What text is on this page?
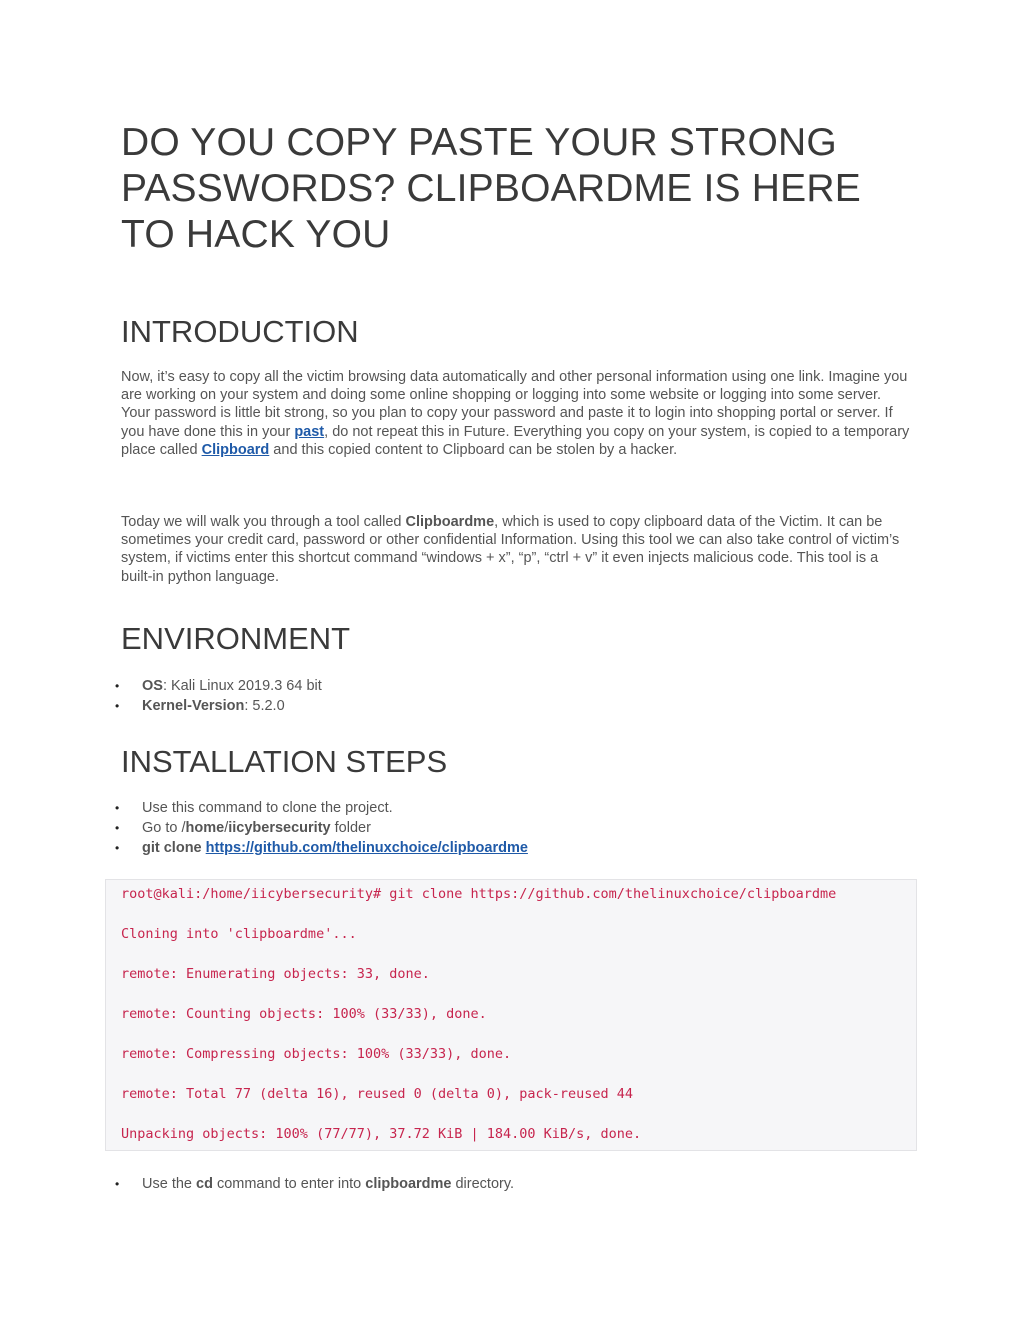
DO YOU COPY PASTE YOUR STRONG PASSWORDS? CLIPBOARDME IS HERE TO HACK YOU
INTRODUCTION

Now, it’s easy to copy all the victim browsing data automatically and other personal information using one link. Imagine you are working on your system and doing some online shopping or logging into some website or logging into some server. Your password is little bit strong, so you plan to copy your password and paste it to login into shopping portal or server. If you have done this in your past, do not repeat this in Future. Everything you copy on your system, is copied to a temporary place called Clipboard and this copied content to Clipboard can be stolen by a hacker.

Today we will walk you through a tool called Clipboardme, which is used to copy clipboard data of the Victim. It can be sometimes your credit card, password or other confidential Information. Using this tool we can also take control of victim’s system, if victims enter this shortcut command “windows + x”, “p”, “ctrl + v” it even injects malicious code. This tool is a built-in python language.

ENVIRONMENT
• OS: Kali Linux 2019.3 64 bit
• Kernel-Version: 5.2.0
INSTALLATION STEPS
• Use this command to clone the project.
• Go to /home/iicybersecurity folder
• git clone https://github.com/thelinuxchoice/clipboardme
root@kali:/home/iicybersecurity# git clone https://github.com/thelinuxchoice/clipboardme
Cloning into 'clipboardme'...
remote: Enumerating objects: 33, done.
remote: Counting objects: 100% (33/33), done.
remote: Compressing objects: 100% (33/33), done.
remote: Total 77 (delta 16), reused 0 (delta 0), pack-reused 44
Unpacking objects: 100% (77/77), 37.72 KiB | 184.00 KiB/s, done.
• Use the cd command to enter into clipboardme directory.
